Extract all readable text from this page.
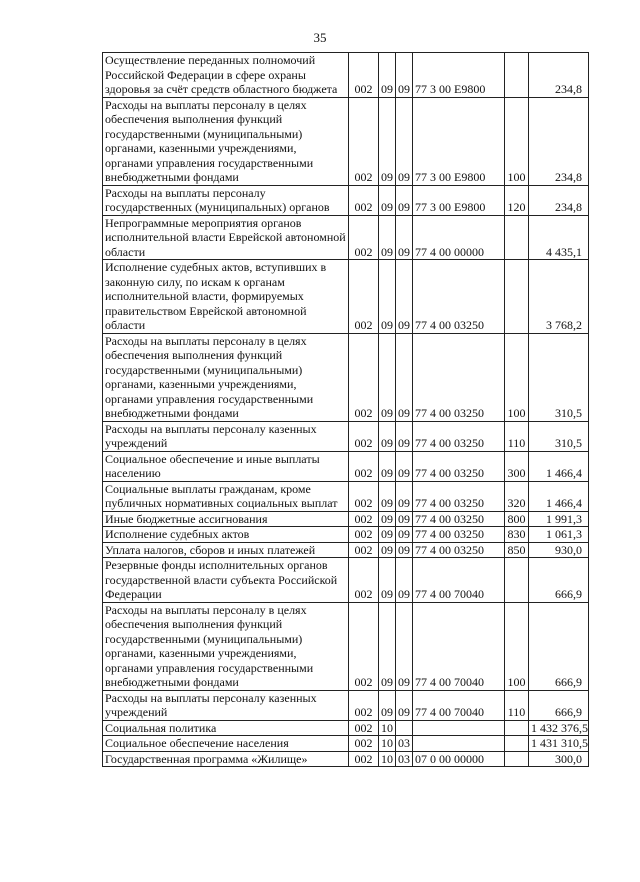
35
Осуществление переданных полномочий Российской Федерации в сфере охраны здоровья за счёт средств областного бюджета	002	09	09	77 3 00 Е9800		234,8
Расходы на выплаты персоналу в целях обеспечения выполнения функций государственными (муниципальными) органами, казенными учреждениями, органами управления государственными внебюджетными фондами	002	09	09	77 3 00 Е9800	100	234,8
Расходы на выплаты персоналу государственных (муниципальных) органов	002	09	09	77 3 00 Е9800	120	234,8
Непрограммные мероприятия органов исполнительной власти Еврейской автономной области	002	09	09	77 4 00 00000		4 435,1
Исполнение судебных актов, вступивших в законную силу, по искам к органам исполнительной власти, формируемых правительством Еврейской автономной области	002	09	09	77 4 00 03250		3 768,2
Расходы на выплаты персоналу в целях обеспечения выполнения функций государственными (муниципальными) органами, казенными учреждениями, органами управления государственными внебюджетными фондами	002	09	09	77 4 00 03250	100	310,5
Расходы на выплаты персоналу казенных учреждений	002	09	09	77 4 00 03250	110	310,5
Социальное обеспечение и иные выплаты населению	002	09	09	77 4 00 03250	300	1 466,4
Социальные выплаты гражданам, кроме публичных нормативных социальных выплат	002	09	09	77 4 00 03250	320	1 466,4
Иные бюджетные ассигнования	002	09	09	77 4 00 03250	800	1 991,3
Исполнение судебных актов	002	09	09	77 4 00 03250	830	1 061,3
Уплата налогов, сборов и иных платежей	002	09	09	77 4 00 03250	850	930,0
Резервные фонды исполнительных органов государственной власти субъекта Российской Федерации	002	09	09	77 4 00 70040		666,9
Расходы на выплаты персоналу в целях обеспечения выполнения функций государственными (муниципальными) органами, казенными учреждениями, органами управления государственными внебюджетными фондами	002	09	09	77 4 00 70040	100	666,9
Расходы на выплаты персоналу казенных учреждений	002	09	09	77 4 00 70040	110	666,9
Социальная политика	002	10				1 432 376,5
Социальное обеспечение населения	002	10	03			1 431 310,5
Государственная программа «Жилище»	002	10	03	07 0 00 00000		300,0
